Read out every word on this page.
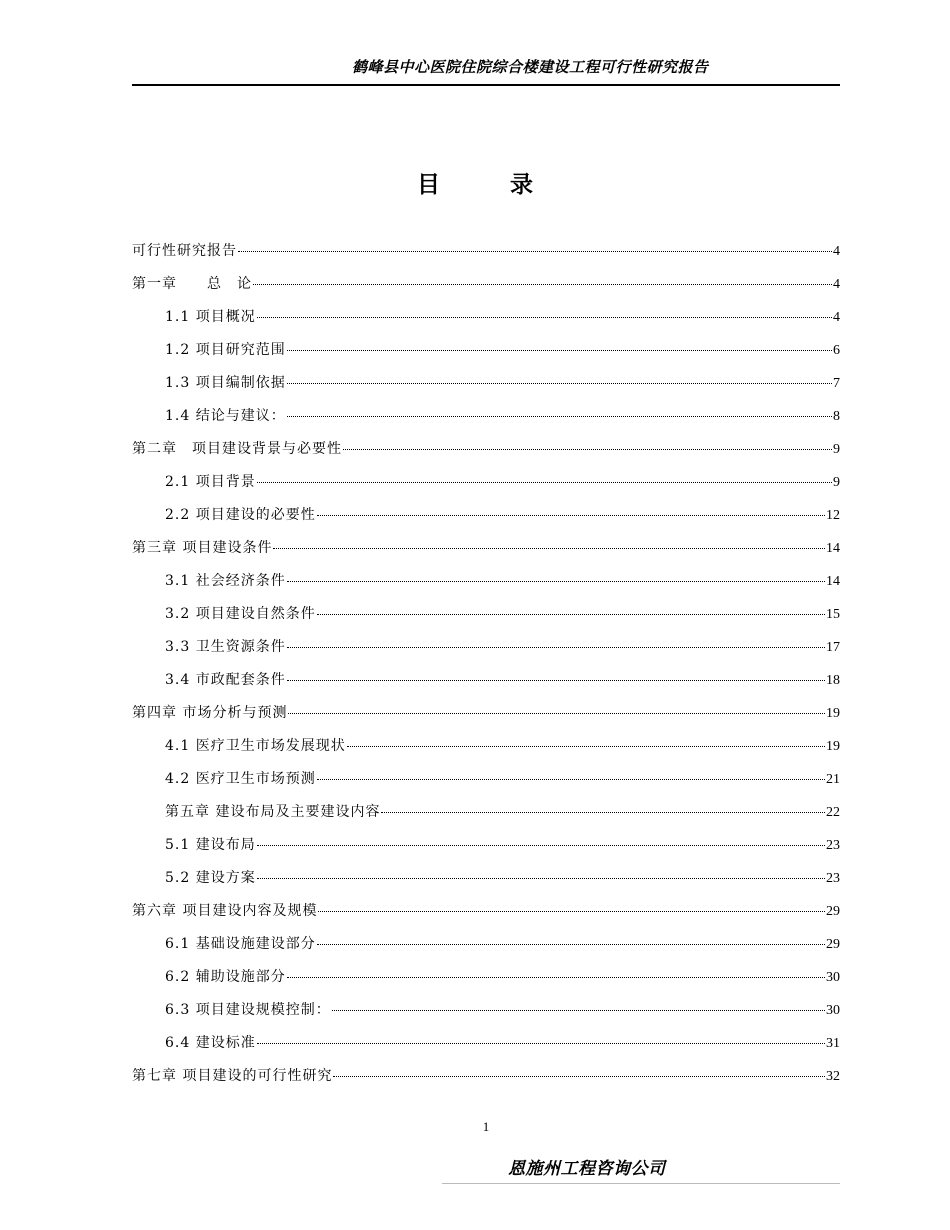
鹤峰县中心医院住院综合楼建设工程可行性研究报告
目 录
可行性研究报告	4
第一章　　总　论	4
1.1 项目概况	4
1.2 项目研究范围	6
1.3 项目编制依据	7
1.4 结论与建议：	8
第二章　项目建设背景与必要性	9
2.1 项目背景	9
2.2 项目建设的必要性	12
第三章 项目建设条件	14
3.1 社会经济条件	14
3.2 项目建设自然条件	15
3.3 卫生资源条件	17
3.4 市政配套条件	18
第四章 市场分析与预测	19
4.1 医疗卫生市场发展现状	19
4.2 医疗卫生市场预测	21
第五章 建设布局及主要建设内容	22
5.1 建设布局	23
5.2 建设方案	23
第六章 项目建设内容及规模	29
6.1 基础设施建设部分	29
6.2 辅助设施部分	30
6.3 项目建设规模控制：	30
6.4 建设标准	31
第七章 项目建设的可行性研究	32
1
恩施州工程咨询公司
